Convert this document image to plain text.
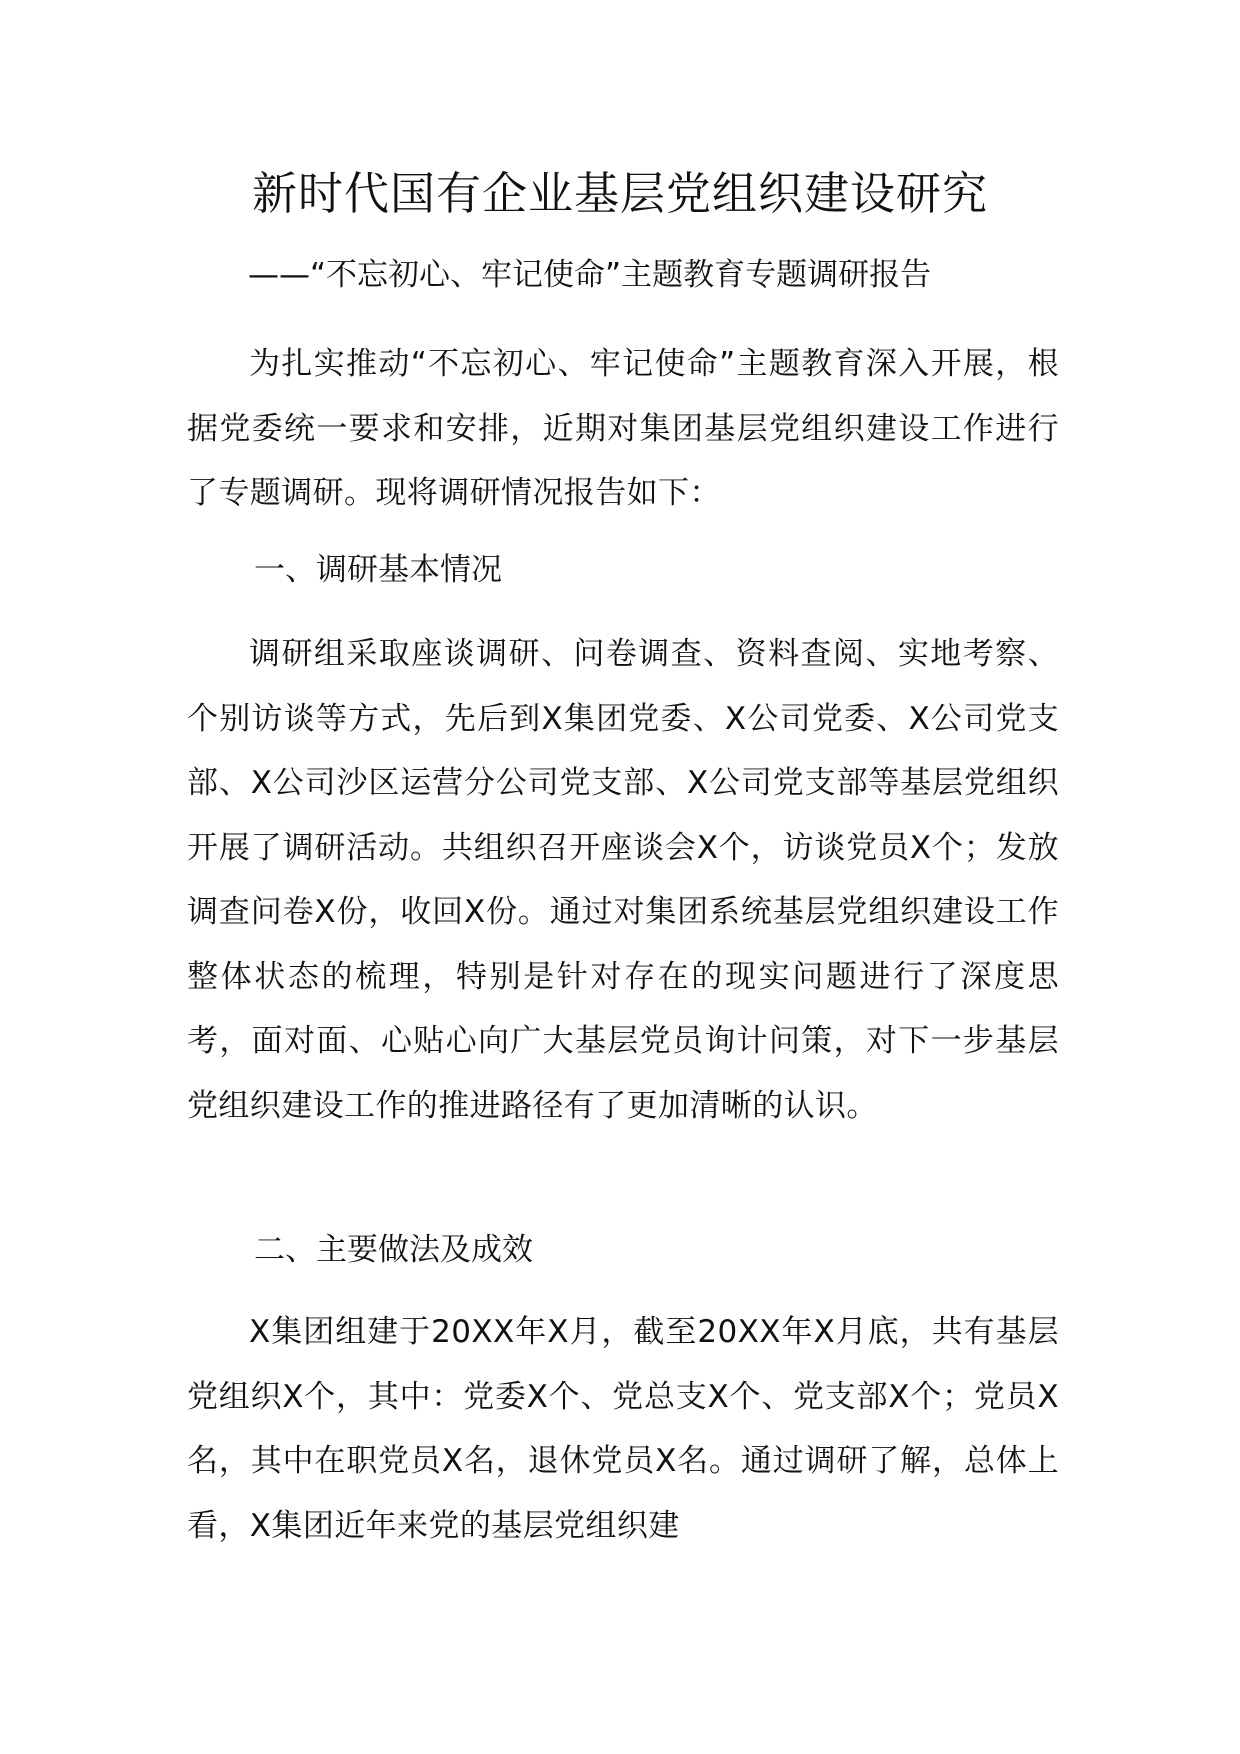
新时代国有企业基层党组织建设研究
——“不忘初心、牢记使命”主题教育专题调研报告
为扎实推动“不忘初心、牢记使命”主题教育深入开展，根据党委统一要求和安排，近期对集团基层党组织建设工作进行了专题调研。现将调研情况报告如下：
一、调研基本情况
调研组采取座谈调研、问卷调查、资料查阅、实地考察、个别访谈等方式，先后到X集团党委、X公司党委、X公司党支部、X公司沙区运营分公司党支部、X公司党支部等基层党组织开展了调研活动。共组织召开座谈会X个，访谈党员X个；发放调查问卷X份，收回X份。通过对集团系统基层党组织建设工作整体状态的梳理，特别是针对存在的现实问题进行了深度思考，面对面、心贴心向广大基层党员询计问策，对下一步基层党组织建设工作的推进路径有了更加清晰的认识。
二、主要做法及成效
X集团组建于20XX年X月，截至20XX年X月底，共有基层党组织X个，其中：党委X个、党总支X个、党支部X个；党员X名，其中在职党员X名，退休党员X名。通过调研了解，总体上看，X集团近年来党的基层党组织建
